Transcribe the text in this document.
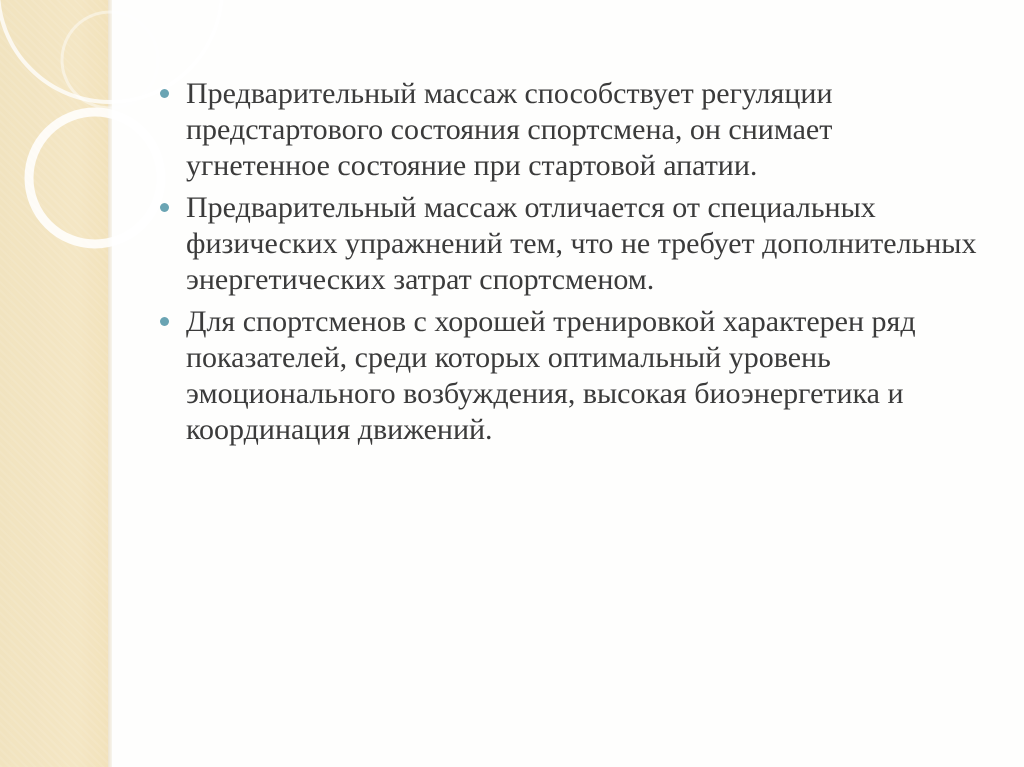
Предварительный массаж способствует регуляции предстартового состояния спортсмена, он снимает угнетенное состояние при стартовой апатии.
Предварительный массаж отличается от специальных физических упражнений тем, что не требует дополнительных энергетических затрат спортсменом.
Для спортсменов с хорошей тренировкой характерен ряд показателей, среди которых оптимальный уровень эмоционального возбуждения, высокая биоэнергетика и координация движений.
